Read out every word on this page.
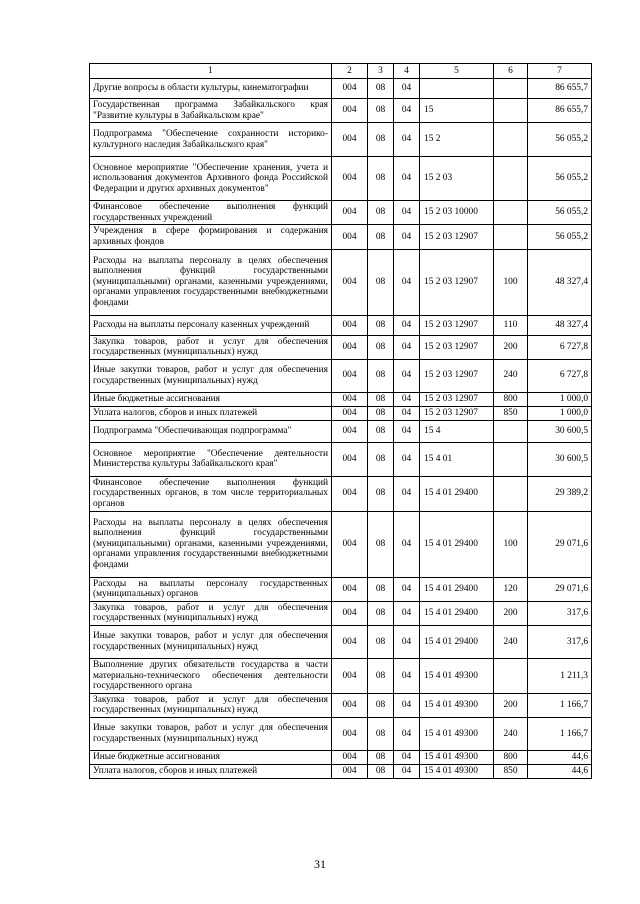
1	2	3	4	5	6	7
Другие вопросы в области культуры, кинематографии	004	08	04			86 655,7
Государственная программа Забайкальского края "Развитие культуры в Забайкальском крае"	004	08	04	15		86 655,7
Подпрограмма "Обеспечение сохранности историко-культурного наследия Забайкальского края"	004	08	04	15 2		56 055,2
Основное мероприятие "Обеспечение хранения, учета и использования документов Архивного фонда Российской Федерации и других архивных документов"	004	08	04	15 2 03		56 055,2
Финансовое обеспечение выполнения функций государственных учреждений	004	08	04	15 2 03 10000		56 055,2
Учреждения в сфере формирования и содержания архивных фондов	004	08	04	15 2 03 12907		56 055,2
Расходы на выплаты персоналу в целях обеспечения выполнения функций государственными (муниципальными) органами, казенными учреждениями, органами управления государственными внебюджетными фондами	004	08	04	15 2 03 12907	100	48 327,4
Расходы на выплаты персоналу казенных учреждений	004	08	04	15 2 03 12907	110	48 327,4
Закупка товаров, работ и услуг для обеспечения государственных (муниципальных) нужд	004	08	04	15 2 03 12907	200	6 727,8
Иные закупки товаров, работ и услуг для обеспечения государственных (муниципальных) нужд	004	08	04	15 2 03 12907	240	6 727,8
Иные бюджетные ассигнования	004	08	04	15 2 03 12907	800	1 000,0
Уплата налогов, сборов и иных платежей	004	08	04	15 2 03 12907	850	1 000,0
Подпрограмма "Обеспечивающая подпрограмма"	004	08	04	15 4		30 600,5
Основное мероприятие "Обеспечение деятельности Министерства культуры Забайкальского края"	004	08	04	15 4 01		30 600,5
Финансовое обеспечение выполнения функций государственных органов, в том числе территориальных органов	004	08	04	15 4 01 29400		29 389,2
Расходы на выплаты персоналу в целях обеспечения выполнения функций государственными (муниципальными) органами, казенными учреждениями, органами управления государственными внебюджетными фондами	004	08	04	15 4 01 29400	100	29 071,6
Расходы на выплаты персоналу государственных (муниципальных) органов	004	08	04	15 4 01 29400	120	29 071,6
Закупка товаров, работ и услуг для обеспечения государственных (муниципальных) нужд	004	08	04	15 4 01 29400	200	317,6
Иные закупки товаров, работ и услуг для обеспечения государственных (муниципальных) нужд	004	08	04	15 4 01 29400	240	317,6
Выполнение других обязательств государства в части материально-технического обеспечения деятельности государственного органа	004	08	04	15 4 01 49300		1 211,3
Закупка товаров, работ и услуг для обеспечения государственных (муниципальных) нужд	004	08	04	15 4 01 49300	200	1 166,7
Иные закупки товаров, работ и услуг для обеспечения государственных (муниципальных) нужд	004	08	04	15 4 01 49300	240	1 166,7
Иные бюджетные ассигнования	004	08	04	15 4 01 49300	800	44,6
Уплата налогов, сборов и иных платежей	004	08	04	15 4 01 49300	850	44,6
31
